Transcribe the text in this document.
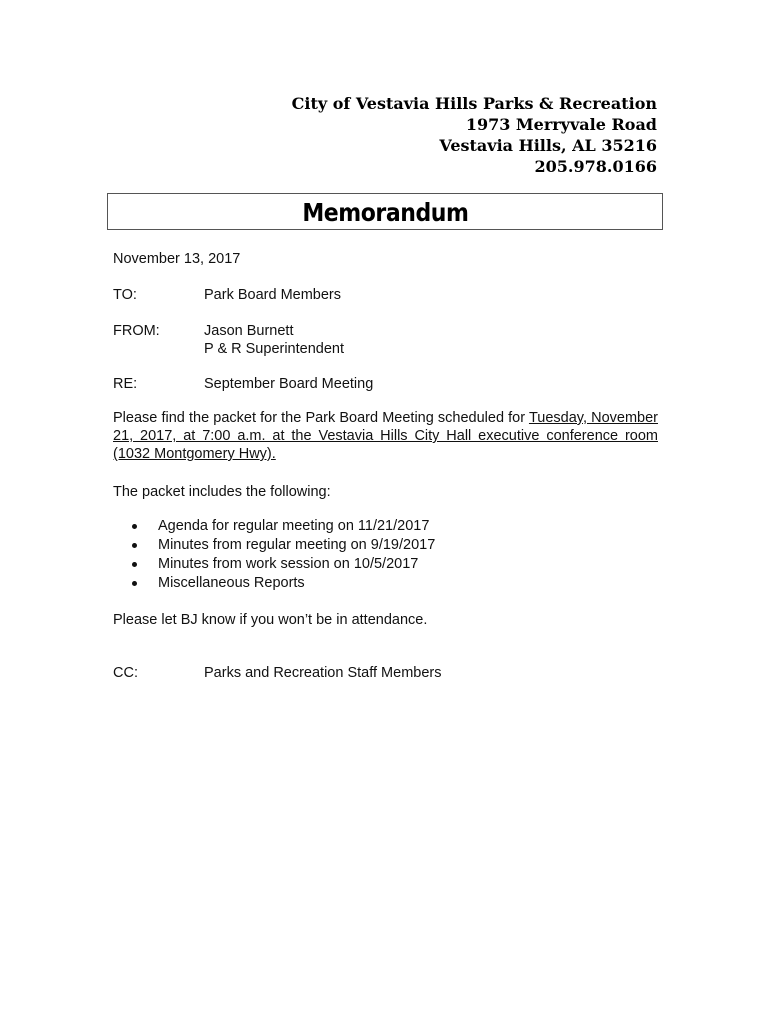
City of Vestavia Hills Parks & Recreation
1973 Merryvale Road
Vestavia Hills, AL 35216
205.978.0166
Memorandum
November 13, 2017
TO:	Park Board Members
FROM:	Jason Burnett
P & R Superintendent
RE:	September Board Meeting
Please find the packet for the Park Board Meeting scheduled for Tuesday, November 21, 2017, at 7:00 a.m. at the Vestavia Hills City Hall executive conference room (1032 Montgomery Hwy).
The packet includes the following:
Agenda for regular meeting on 11/21/2017
Minutes from regular meeting on 9/19/2017
Minutes from work session on 10/5/2017
Miscellaneous Reports
Please let BJ know if you won’t be in attendance.
CC:	Parks and Recreation Staff Members
